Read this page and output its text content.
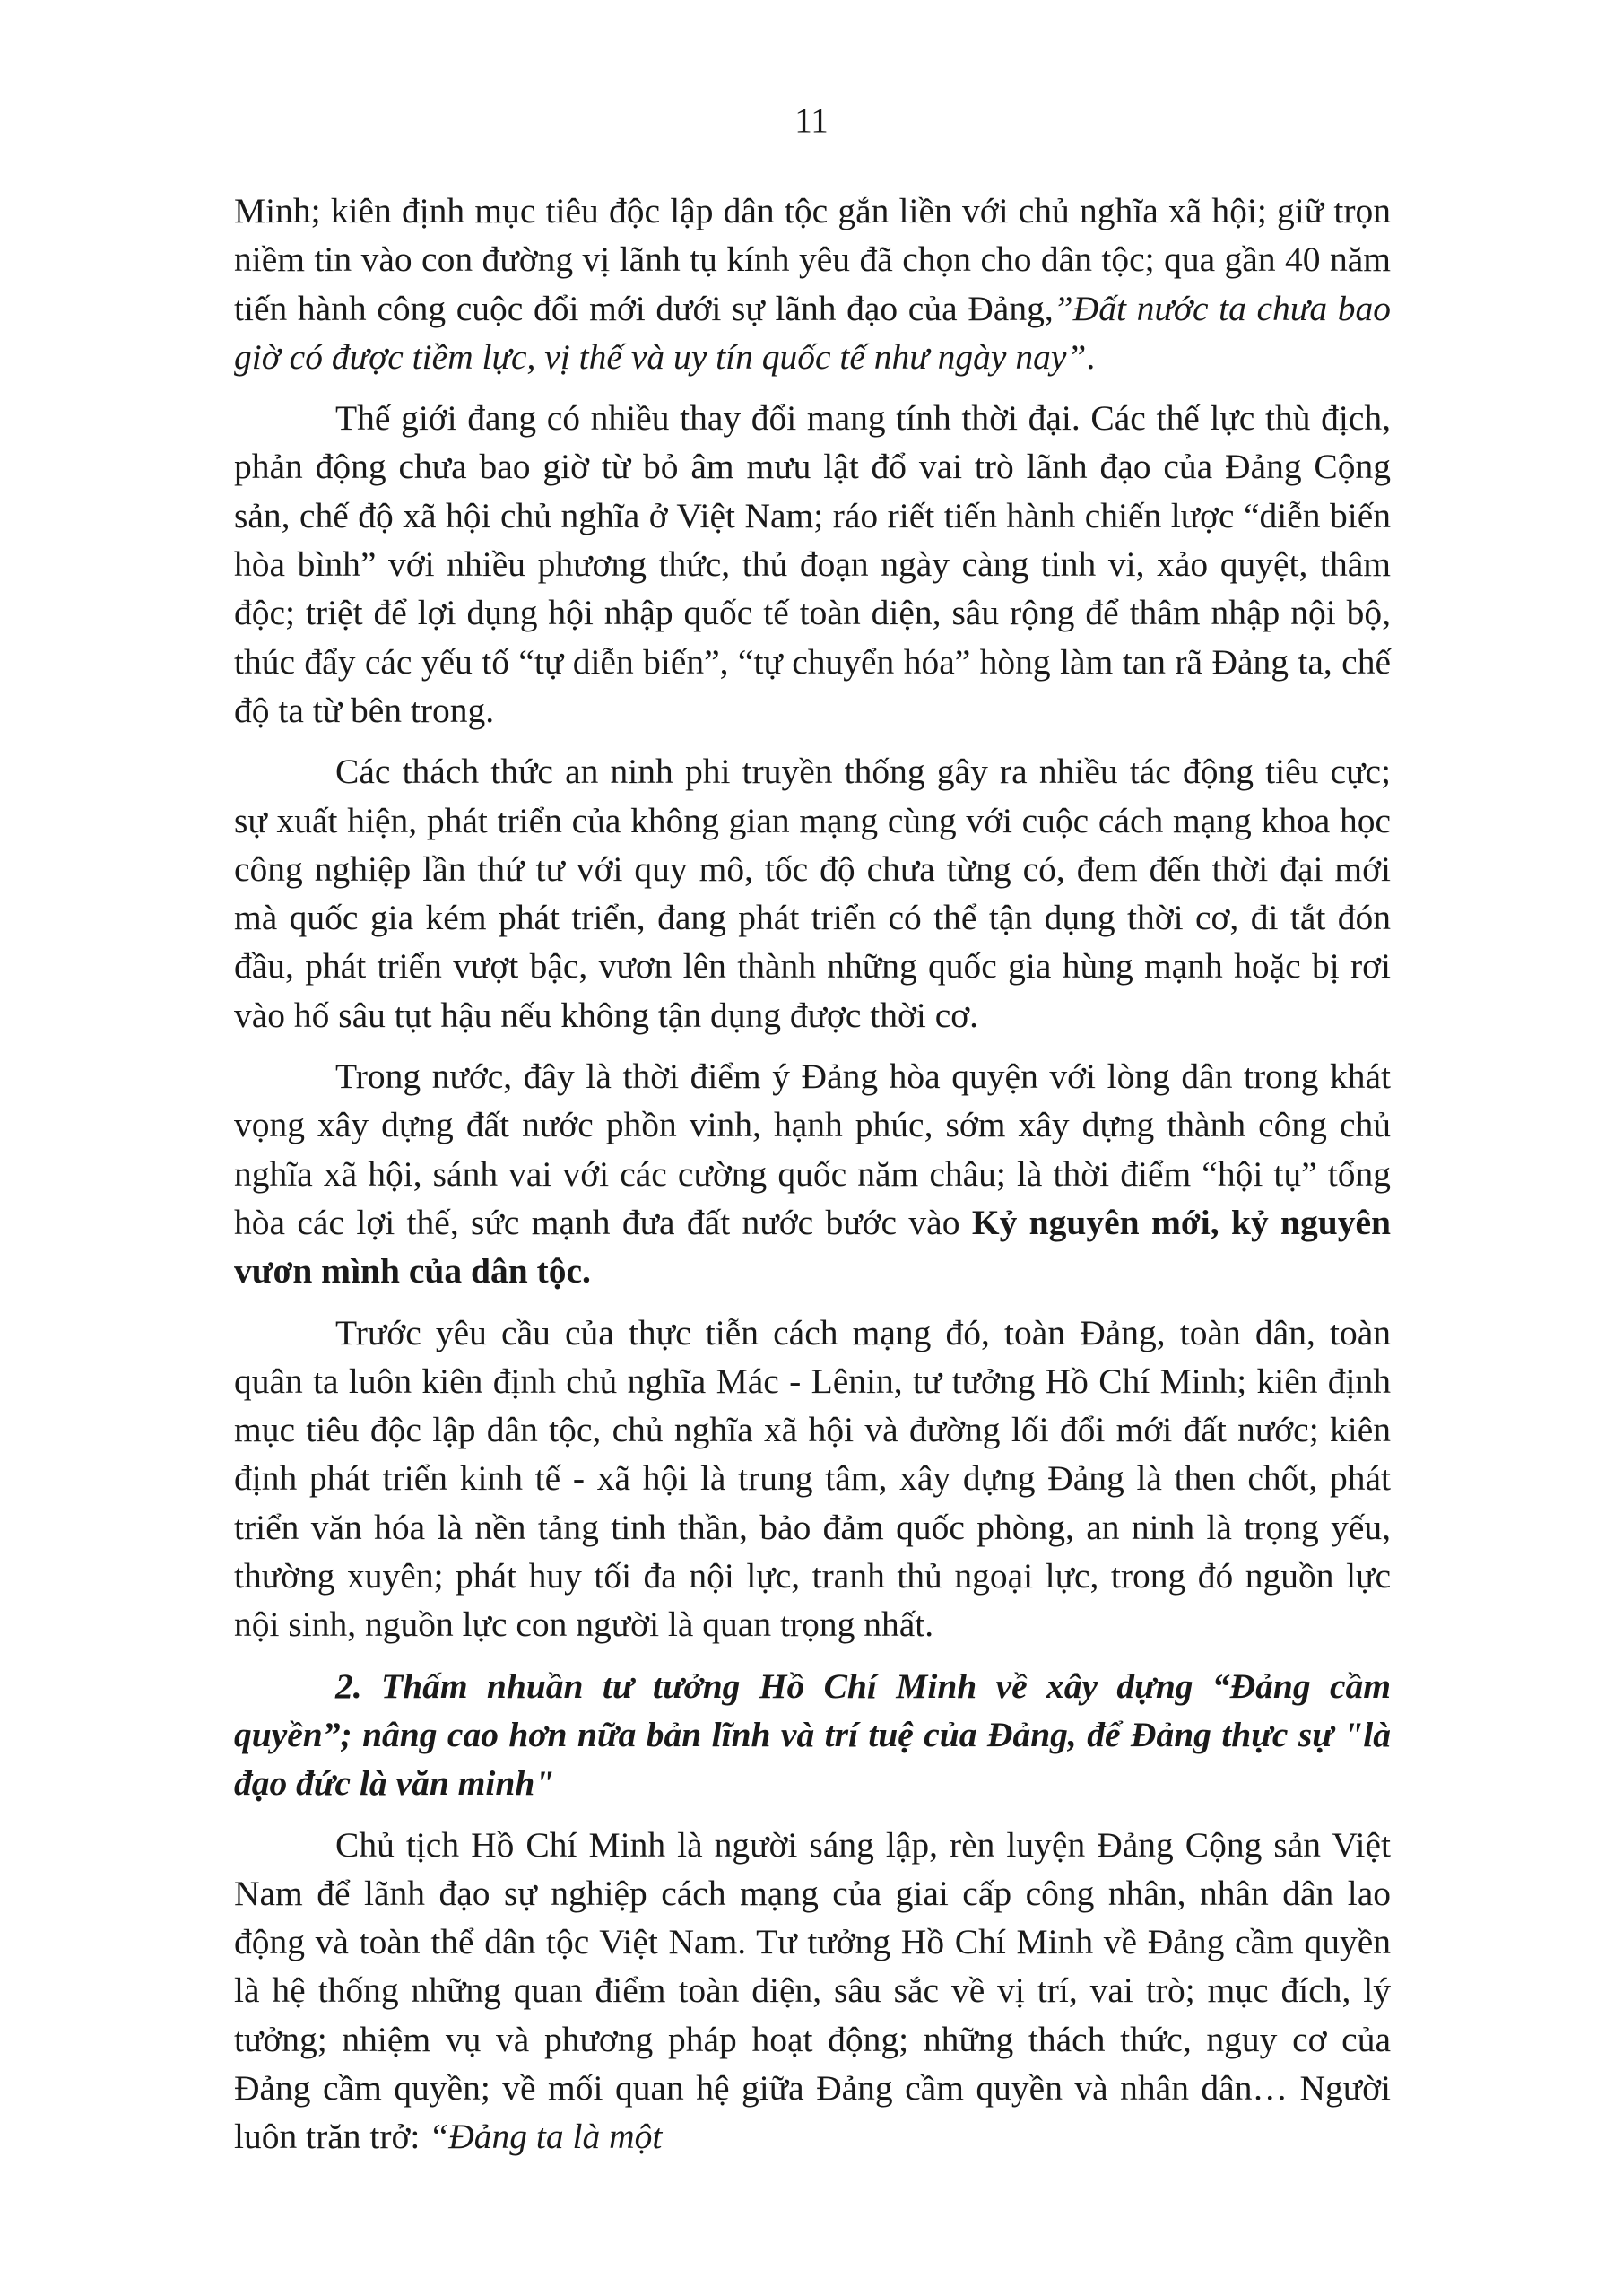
11

Minh; kiên định mục tiêu độc lập dân tộc gắn liền với chủ nghĩa xã hội; giữ trọn niềm tin vào con đường vị lãnh tụ kính yêu đã chọn cho dân tộc; qua gần 40 năm tiến hành công cuộc đổi mới dưới sự lãnh đạo của Đảng,”Đất nước ta chưa bao giờ có được tiềm lực, vị thế và uy tín quốc tế như ngày nay”.

Thế giới đang có nhiều thay đổi mang tính thời đại. Các thế lực thù địch, phản động chưa bao giờ từ bỏ âm mưu lật đổ vai trò lãnh đạo của Đảng Cộng sản, chế độ xã hội chủ nghĩa ở Việt Nam; ráo riết tiến hành chiến lược “diễn biến hòa bình” với nhiều phương thức, thủ đoạn ngày càng tinh vi, xảo quyệt, thâm độc; triệt để lợi dụng hội nhập quốc tế toàn diện, sâu rộng để thâm nhập nội bộ, thúc đẩy các yếu tố “tự diễn biến”, “tự chuyển hóa” hòng làm tan rã Đảng ta, chế độ ta từ bên trong.

Các thách thức an ninh phi truyền thống gây ra nhiều tác động tiêu cực; sự xuất hiện, phát triển của không gian mạng cùng với cuộc cách mạng khoa học công nghiệp lần thứ tư với quy mô, tốc độ chưa từng có, đem đến thời đại mới mà quốc gia kém phát triển, đang phát triển có thể tận dụng thời cơ, đi tắt đón đầu, phát triển vượt bậc, vươn lên thành những quốc gia hùng mạnh hoặc bị rơi vào hố sâu tụt hậu nếu không tận dụng được thời cơ.

Trong nước, đây là thời điểm ý Đảng hòa quyện với lòng dân trong khát vọng xây dựng đất nước phồn vinh, hạnh phúc, sớm xây dựng thành công chủ nghĩa xã hội, sánh vai với các cường quốc năm châu; là thời điểm “hội tụ” tổng hòa các lợi thế, sức mạnh đưa đất nước bước vào Kỷ nguyên mới, kỷ nguyên vươn mình của dân tộc.

Trước yêu cầu của thực tiễn cách mạng đó, toàn Đảng, toàn dân, toàn quân ta luôn kiên định chủ nghĩa Mác - Lênin, tư tưởng Hồ Chí Minh; kiên định mục tiêu độc lập dân tộc, chủ nghĩa xã hội và đường lối đổi mới đất nước; kiên định phát triển kinh tế - xã hội là trung tâm, xây dựng Đảng là then chốt, phát triển văn hóa là nền tảng tinh thần, bảo đảm quốc phòng, an ninh là trọng yếu, thường xuyên; phát huy tối đa nội lực, tranh thủ ngoại lực, trong đó nguồn lực nội sinh, nguồn lực con người là quan trọng nhất.

2. Thấm nhuần tư tưởng Hồ Chí Minh về xây dựng “Đảng cầm quyền”; nâng cao hơn nữa bản lĩnh và trí tuệ của Đảng, để Đảng thực sự "là đạo đức là văn minh"

Chủ tịch Hồ Chí Minh là người sáng lập, rèn luyện Đảng Cộng sản Việt Nam để lãnh đạo sự nghiệp cách mạng của giai cấp công nhân, nhân dân lao động và toàn thể dân tộc Việt Nam. Tư tưởng Hồ Chí Minh về Đảng cầm quyền là hệ thống những quan điểm toàn diện, sâu sắc về vị trí, vai trò; mục đích, lý tưởng; nhiệm vụ và phương pháp hoạt động; những thách thức, nguy cơ của Đảng cầm quyền; về mối quan hệ giữa Đảng cầm quyền và nhân dân… Người luôn trăn trở: “Đảng ta là một
